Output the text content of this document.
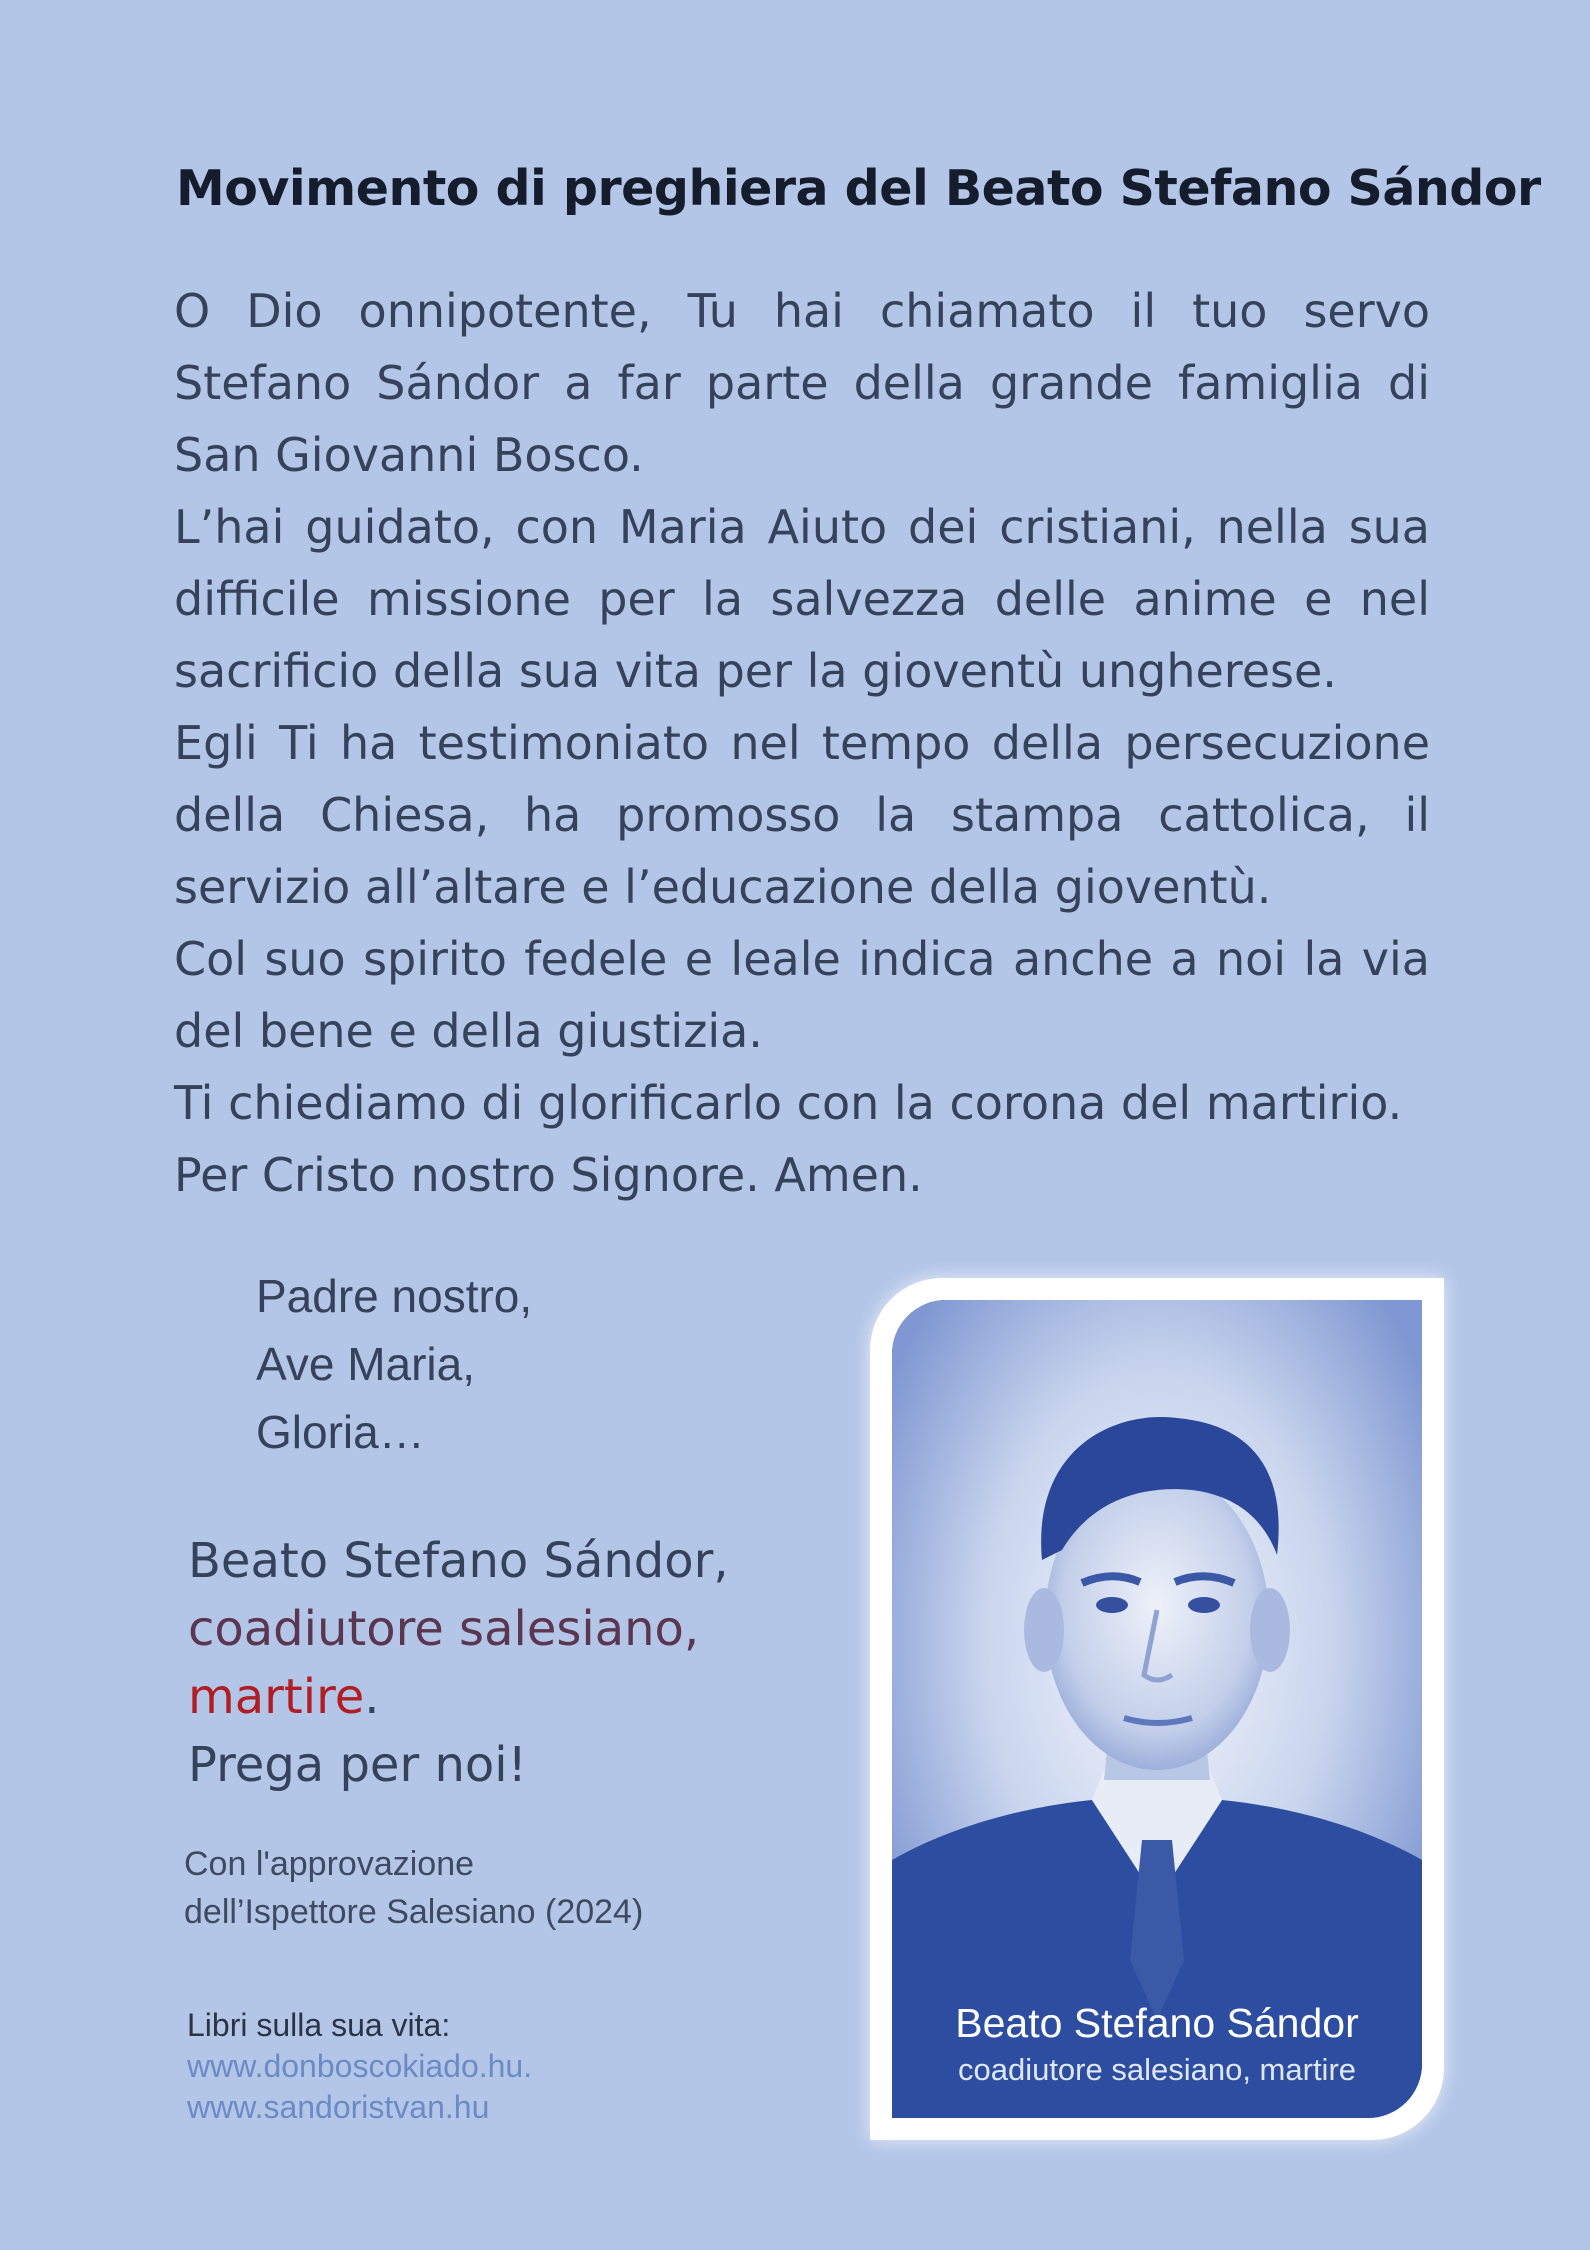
Movimento di preghiera del Beato Stefano Sándor

O Dio onnipotente, Tu hai chiamato il tuo servo Stefano Sándor a far parte della grande famiglia di San Giovanni Bosco.

L’hai guidato, con Maria Aiuto dei cristiani, nella sua difficile missione per la salvezza delle anime e nel sacrificio della sua vita per la gioventù ungherese.

Egli Ti ha testimoniato nel tempo della persecuzione della Chiesa, ha promosso la stampa cattolica, il servizio all’altare e l’educazione della gioventù.

Col suo spirito fedele e leale indica anche a noi la via del bene e della giustizia.

Ti chiediamo di glorificarlo con la corona del martirio.

Per Cristo nostro Signore. Amen.

Padre nostro,
Ave Maria,
Gloria…
Beato Stefano Sándor,
coadiutore salesiano,
martire.
Prega per noi!
Con l'approvazione
dell’Ispettore Salesiano (2024)
Libri sulla sua vita:
www.donboscokiado.hu.
www.sandoristvan.hu
Beato Stefano Sándor
coadiutore salesiano, martire
